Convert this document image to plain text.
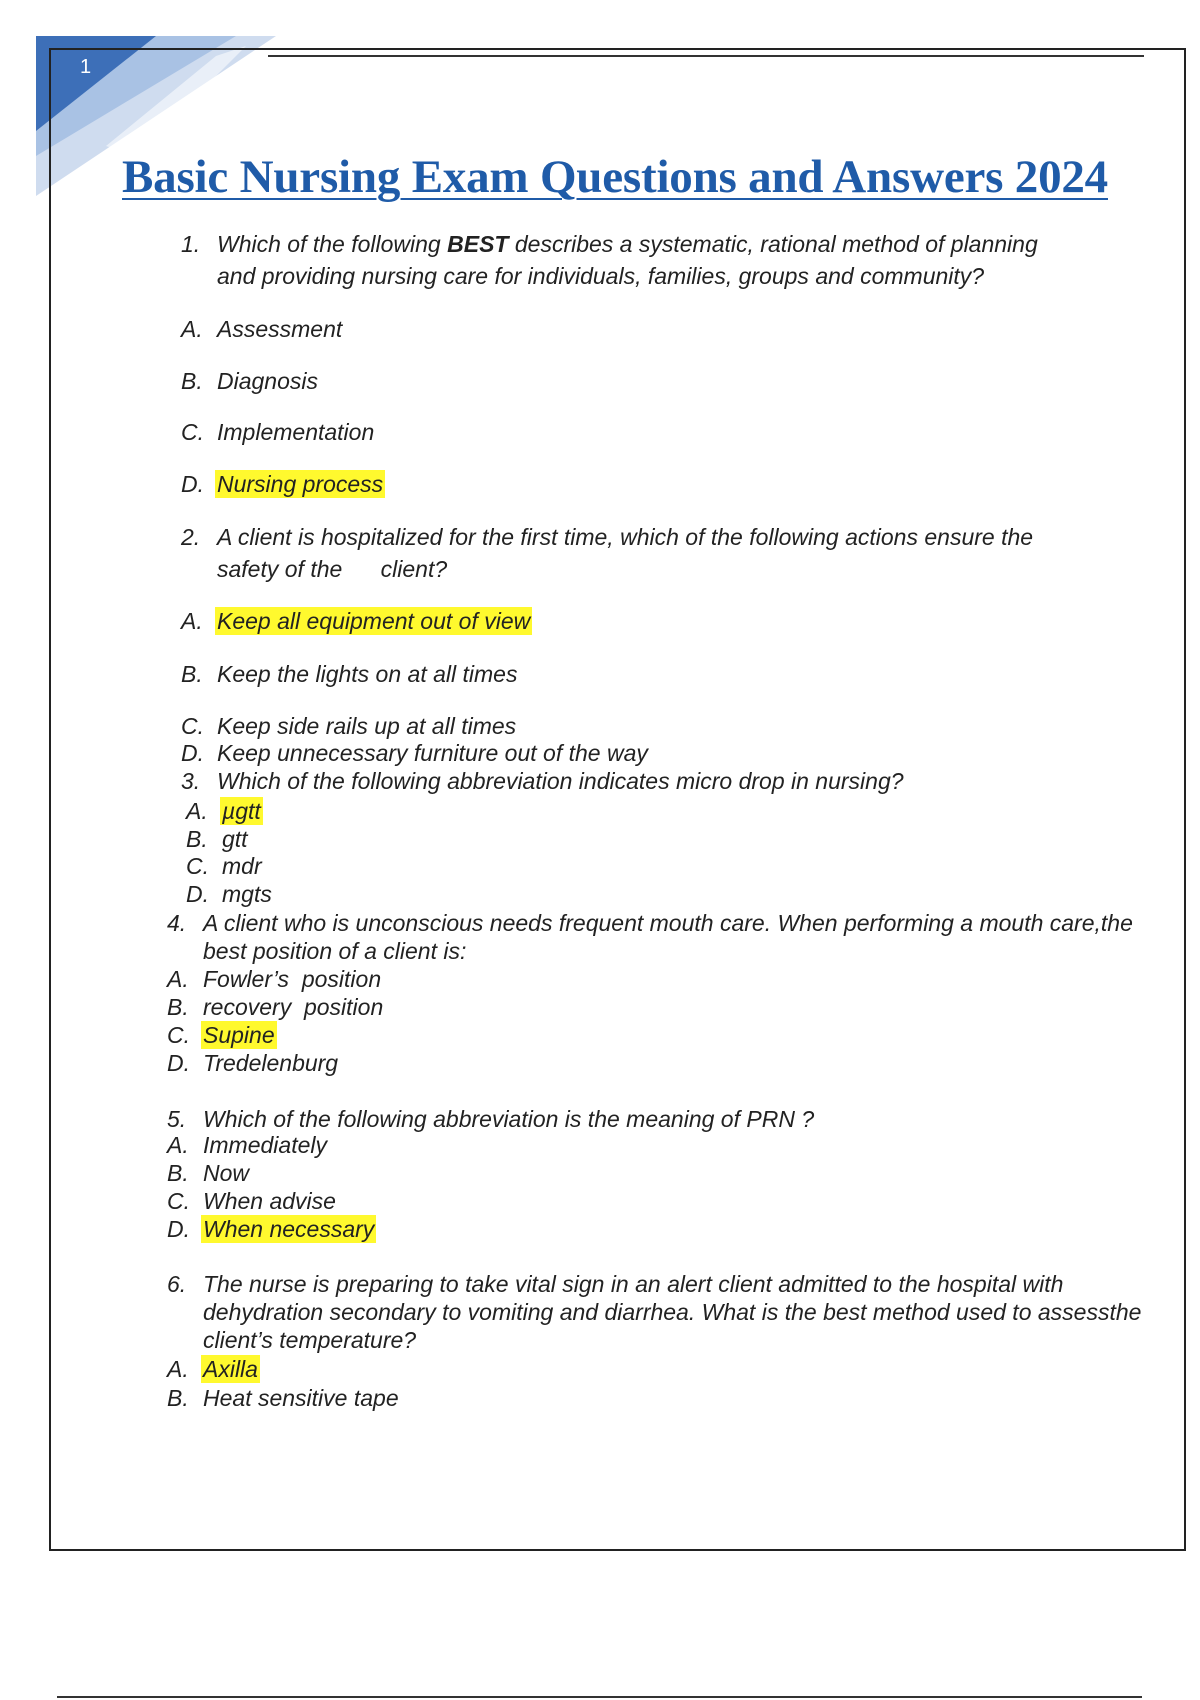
1
Basic Nursing Exam Questions and Answers 2024
1. Which of the following BEST describes a systematic, rational method of planning
and providing nursing care for individuals, families, groups and community?
A. Assessment
B. Diagnosis
C. Implementation
D. Nursing process
2. A client is hospitalized for the first time, which of the following actions ensure the
safety of the      client?
A. Keep all equipment out of view
B. Keep the lights on at all times
C. Keep side rails up at all times
D. Keep unnecessary furniture out of the way
3. Which of the following abbreviation indicates micro drop in nursing?
A. µgtt
B. gtt
C. mdr
D. mgts
4. A client who is unconscious needs frequent mouth care. When performing a mouth care,the
best position of a client is:
A. Fowler’s  position
B. recovery  position
C. Supine
D. Tredelenburg
5. Which of the following abbreviation is the meaning of PRN ?
A. Immediately
B. Now
C. When advise
D. When necessary
6. The nurse is preparing to take vital sign in an alert client admitted to the hospital with
dehydration secondary to vomiting and diarrhea. What is the best method used to assessthe
client’s temperature?
A. Axilla
B. Heat sensitive tape
